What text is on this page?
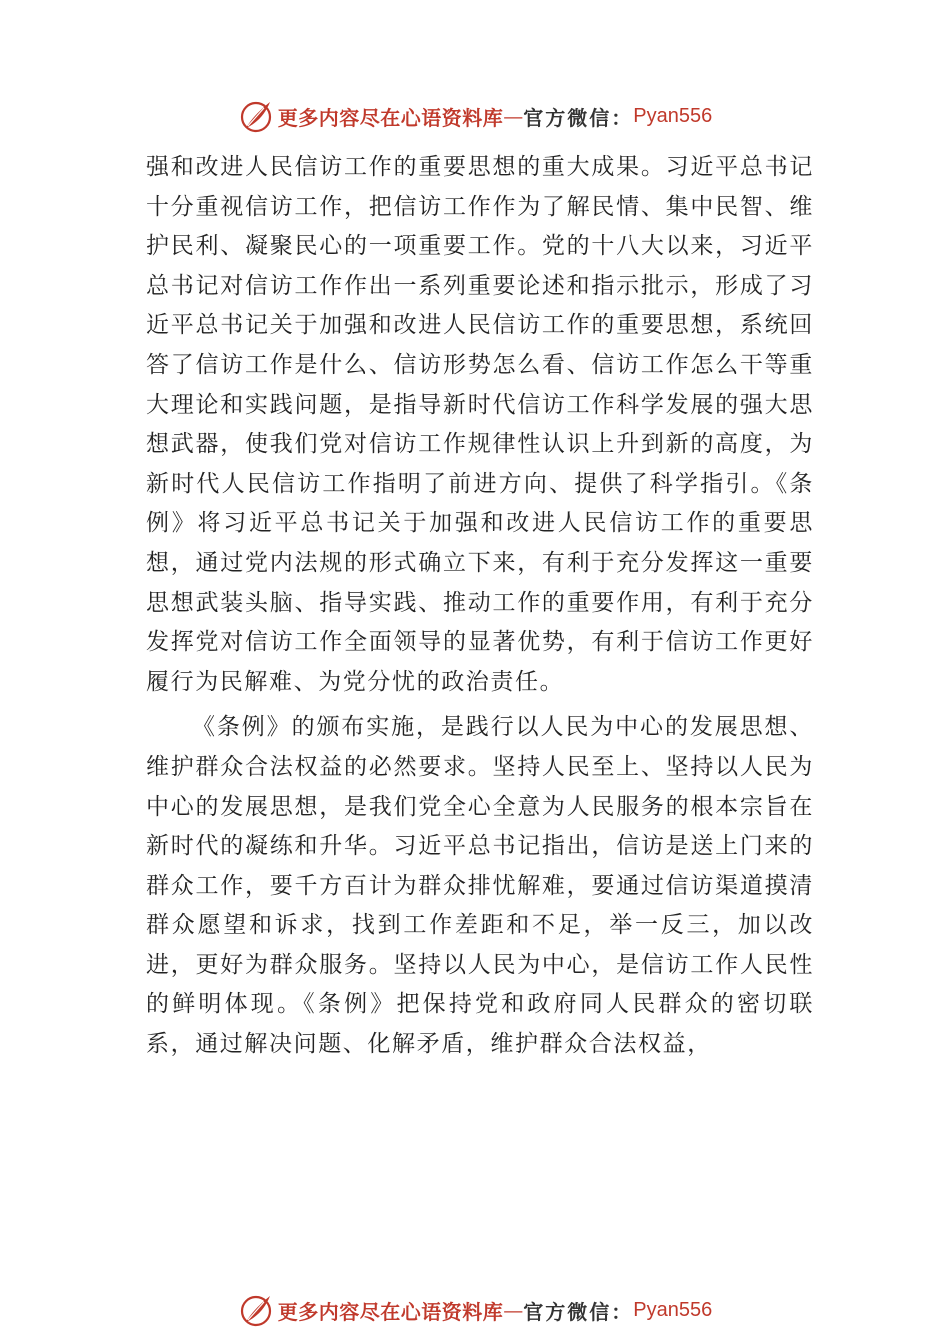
更多内容尽在心语资料库 — 官方微信： Pyan556

强和改进人民信访工作的重要思想的重大成果。习近平总书记十分重视信访工作，把信访工作作为了解民情、集中民智、维护民利、凝聚民心的一项重要工作。党的十八大以来，习近平总书记对信访工作作出一系列重要论述和指示批示，形成了习近平总书记关于加强和改进人民信访工作的重要思想，系统回答了信访工作是什么、信访形势怎么看、信访工作怎么干等重大理论和实践问题，是指导新时代信访工作科学发展的强大思想武器，使我们党对信访工作规律性认识上升到新的高度，为新时代人民信访工作指明了前进方向、提供了科学指引。《条例》将习近平总书记关于加强和改进人民信访工作的重要思想，通过党内法规的形式确立下来，有利于充分发挥这一重要思想武装头脑、指导实践、推动工作的重要作用，有利于充分发挥党对信访工作全面领导的显著优势，有利于信访工作更好履行为民解难、为党分忧的政治责任。

《条例》的颁布实施，是践行以人民为中心的发展思想、维护群众合法权益的必然要求。坚持人民至上、坚持以人民为中心的发展思想，是我们党全心全意为人民服务的根本宗旨在新时代的凝练和升华。习近平总书记指出，信访是送上门来的群众工作，要千方百计为群众排忧解难，要通过信访渠道摸清群众愿望和诉求，找到工作差距和不足，举一反三，加以改进，更好为群众服务。坚持以人民为中心，是信访工作人民性的鲜明体现。《条例》把保持党和政府同人民群众的密切联系，通过解决问题、化解矛盾，维护群众合法权益，

更多内容尽在心语资料库 — 官方微信： Pyan556
